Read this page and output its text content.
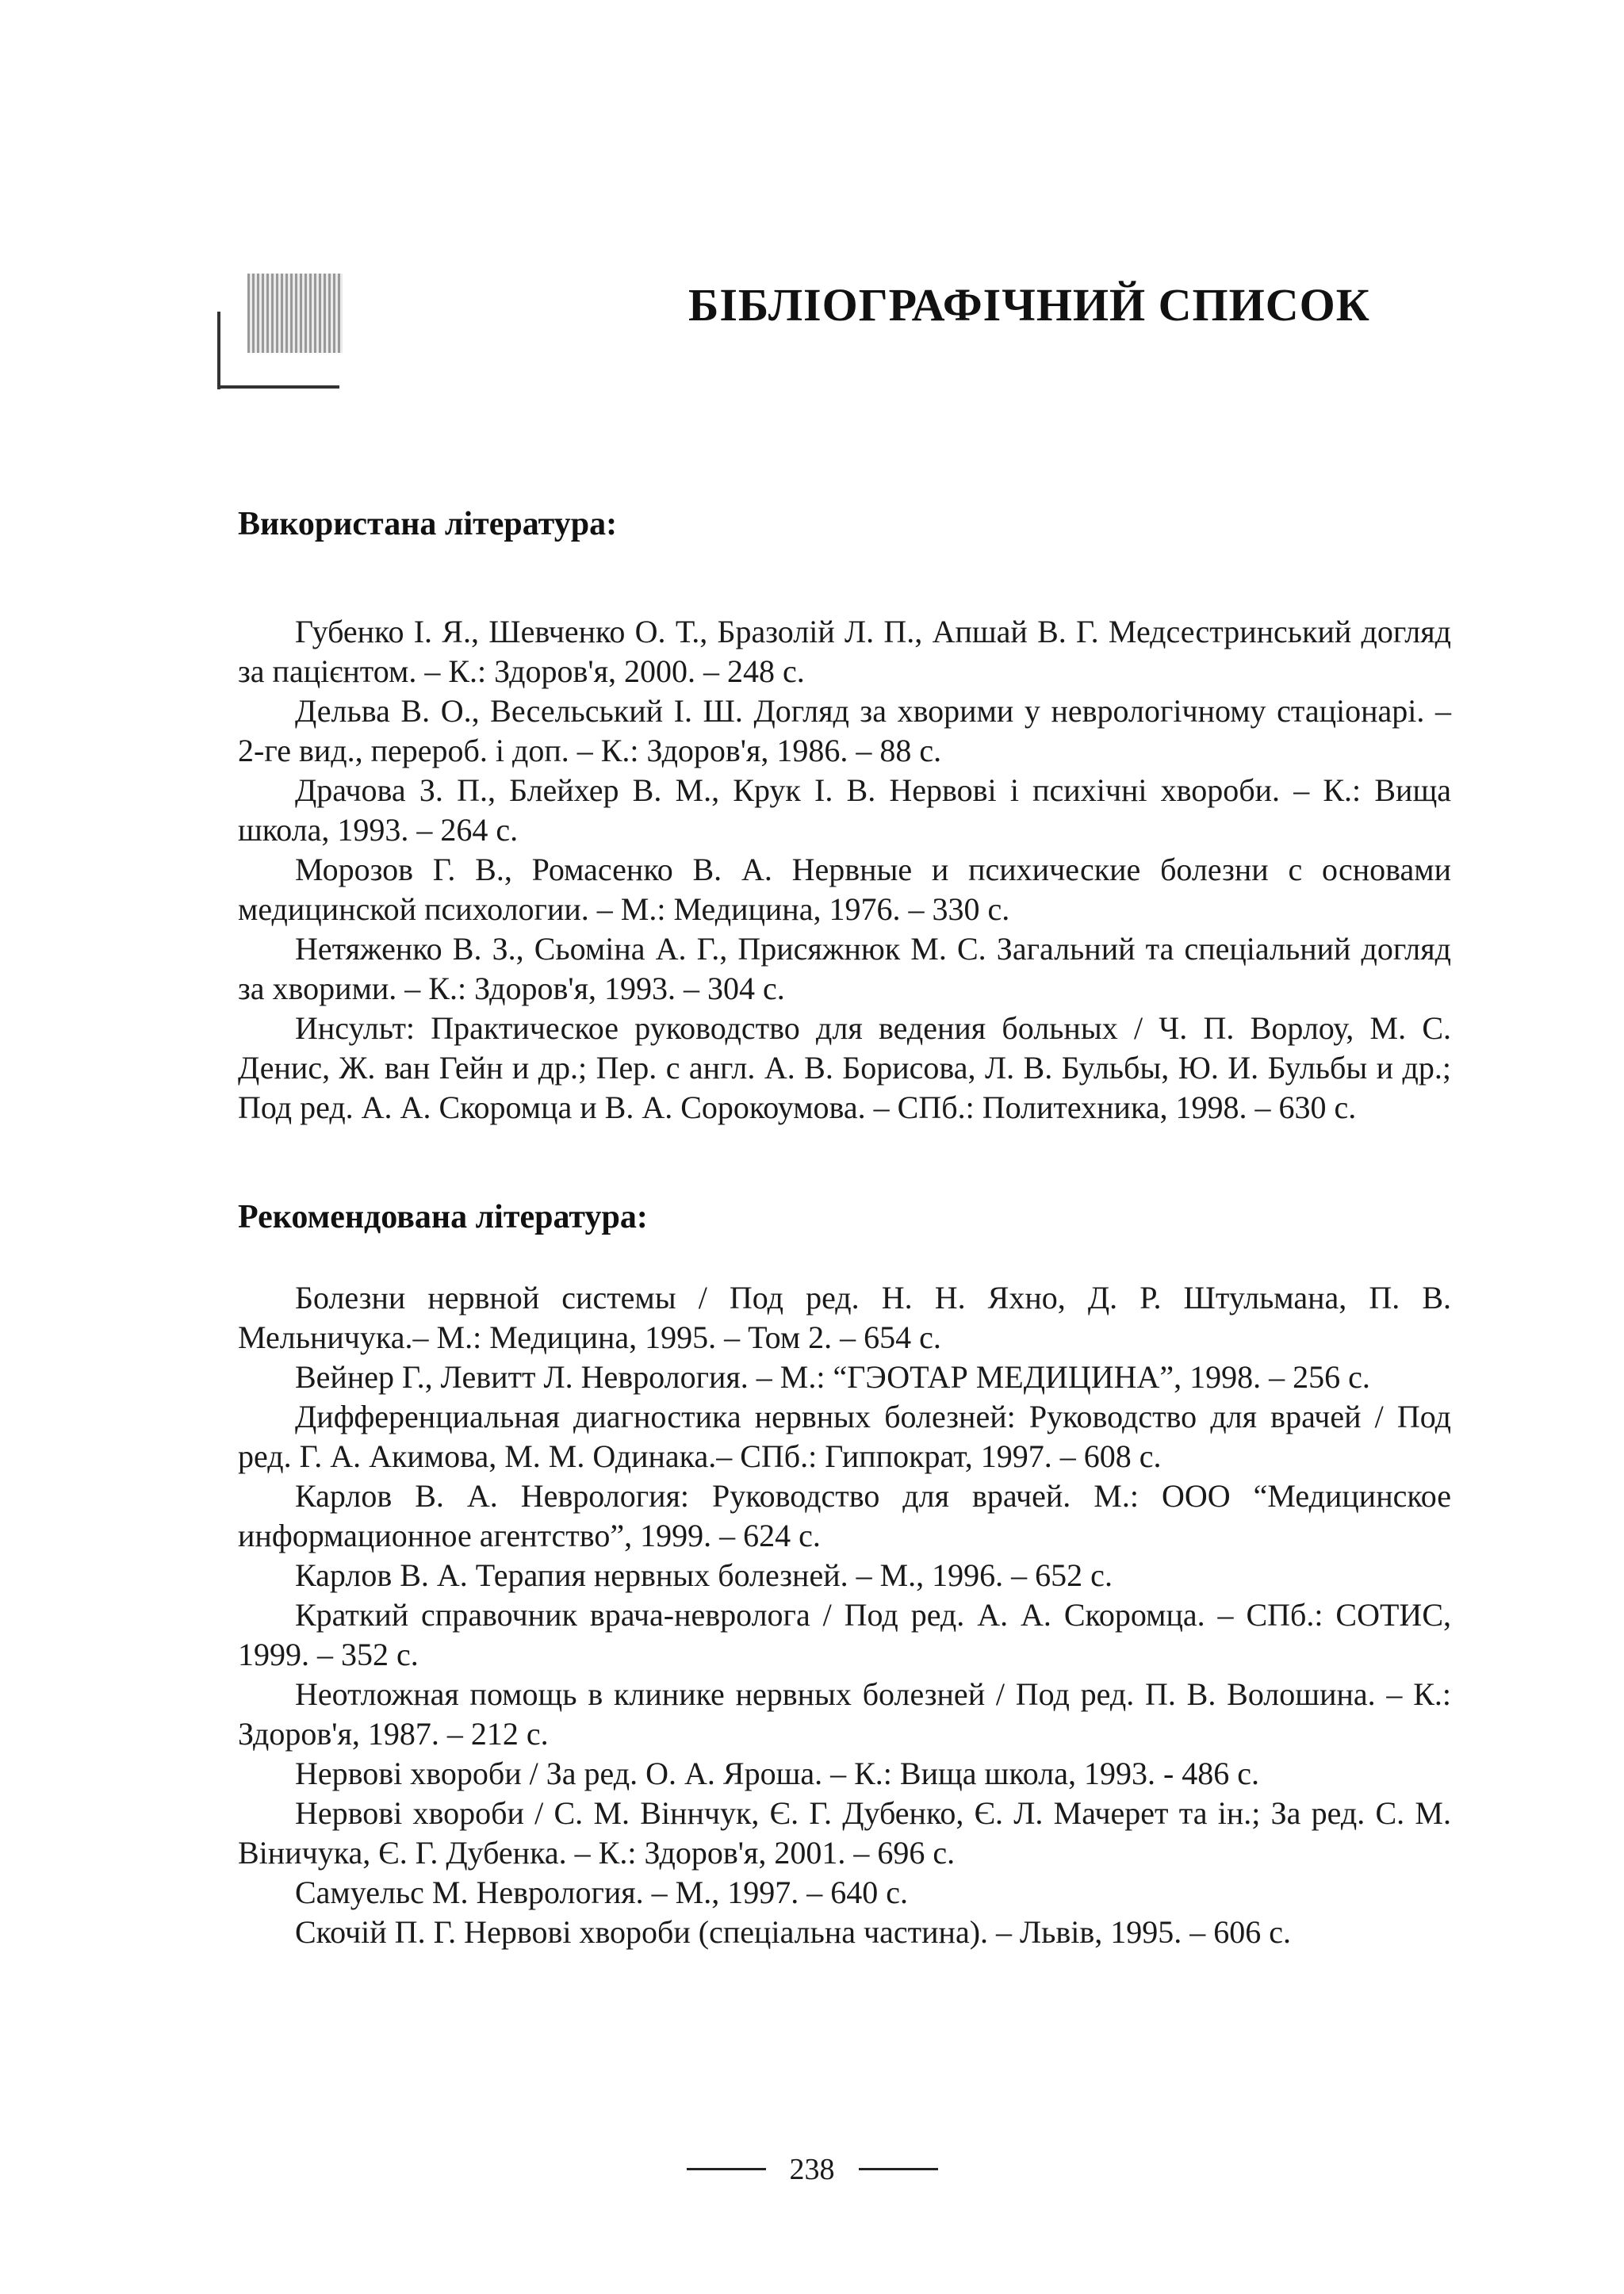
БІБЛІОГРАФІЧНИЙ СПИСОК
Використана література:
Губенко І. Я., Шевченко О. Т., Бразолій Л. П., Апшай В. Г. Медсестринський догляд за пацієнтом. – К.: Здоров'я, 2000. – 248 с.
Дельва В. О., Весельський І. Ш. Догляд за хворими у неврологічному стаціонарі. – 2-ге вид., перероб. і доп. – К.: Здоров'я, 1986. – 88 с.
Драчова З. П., Блейхер В. М., Крук І. В. Нервові і психічні хвороби. – К.: Вища школа, 1993. – 264 с.
Морозов Г. В., Ромасенко В. А. Нервные и психические болезни с основами медицинской психологии. – М.: Медицина, 1976. – 330 с.
Нетяженко В. З., Сьоміна А. Г., Присяжнюк М. С. Загальний та спеціальний догляд за хворими. – К.: Здоров'я, 1993. – 304 с.
Инсульт: Практическое руководство для ведения больных / Ч. П. Ворлоу, М. С. Денис, Ж. ван Гейн и др.; Пер. с англ. А. В. Борисова, Л. В. Бульбы, Ю. И. Бульбы и др.; Под ред. А. А. Скоромца и В. А. Сорокоумова. – СПб.: Политехника, 1998. – 630 с.
Рекомендована література:
Болезни нервной системы / Под ред. Н. Н. Яхно, Д. Р. Штульмана, П. В. Мельничука.– М.: Медицина, 1995. – Том 2. – 654 с.
Вейнер Г., Левитт Л. Неврология. – М.: “ГЭОТАР МЕДИЦИНА”, 1998. – 256 с.
Дифференциальная диагностика нервных болезней: Руководство для врачей / Под ред. Г. А. Акимова, М. М. Одинака.– СПб.: Гиппократ, 1997. – 608 с.
Карлов В. А. Неврология: Руководство для врачей. М.: ООО “Медицинское информационное агентство”, 1999. – 624 с.
Карлов В. А. Терапия нервных болезней. – М., 1996. – 652 с.
Краткий справочник врача-невролога / Под ред. А. А. Скоромца. – СПб.: СОТИС, 1999. – 352 с.
Неотложная помощь в клинике нервных болезней / Под ред. П. В. Волошина. – К.: Здоров'я, 1987. – 212 с.
Нервові хвороби / За ред. О. А. Яроша. – К.: Вища школа, 1993. - 486 с.
Нервові хвороби / С. М. Віннчук, Є. Г. Дубенко, Є. Л. Мачерет та ін.; За ред. С. М. Віничука, Є. Г. Дубенка. – К.: Здоров'я, 2001. – 696 с.
Самуельс М. Неврология. – М., 1997. – 640 с.
Скочій П. Г. Нервові хвороби (спеціальна частина). – Львів, 1995. – 606 с.
238
